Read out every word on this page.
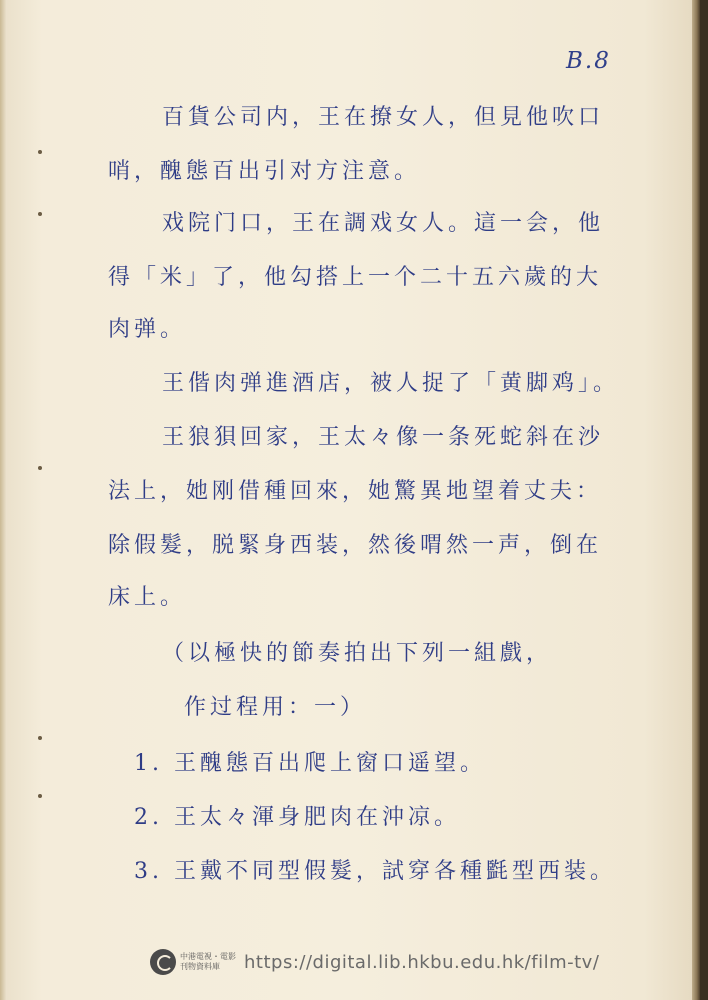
B.8
百貨公司内，王在撩女人，但見他吹口
哨，醜態百出引对方注意。
戏院门口，王在調戏女人。這一会，他
得「米」了，他勾搭上一个二十五六歲的大
肉弹。
王偕肉弹進酒店，被人捉了「黄脚鸡」。
王狼狽回家，王太々像一条死蛇斜在沙
法上，她刚借種回來，她驚異地望着丈夫：
除假髮，脱緊身西装，然後喟然一声，倒在
床上。
（以極快的節奏拍出下列一組戲，
作过程用：一）
1. 王醜態百出爬上窗口遥望。
2. 王太々渾身肥肉在沖凉。
3. 王戴不同型假髮，試穿各種㲯型西装。
中港電視・電影
刊物資料庫	https://digital.lib.hkbu.edu.hk/film-tv/
